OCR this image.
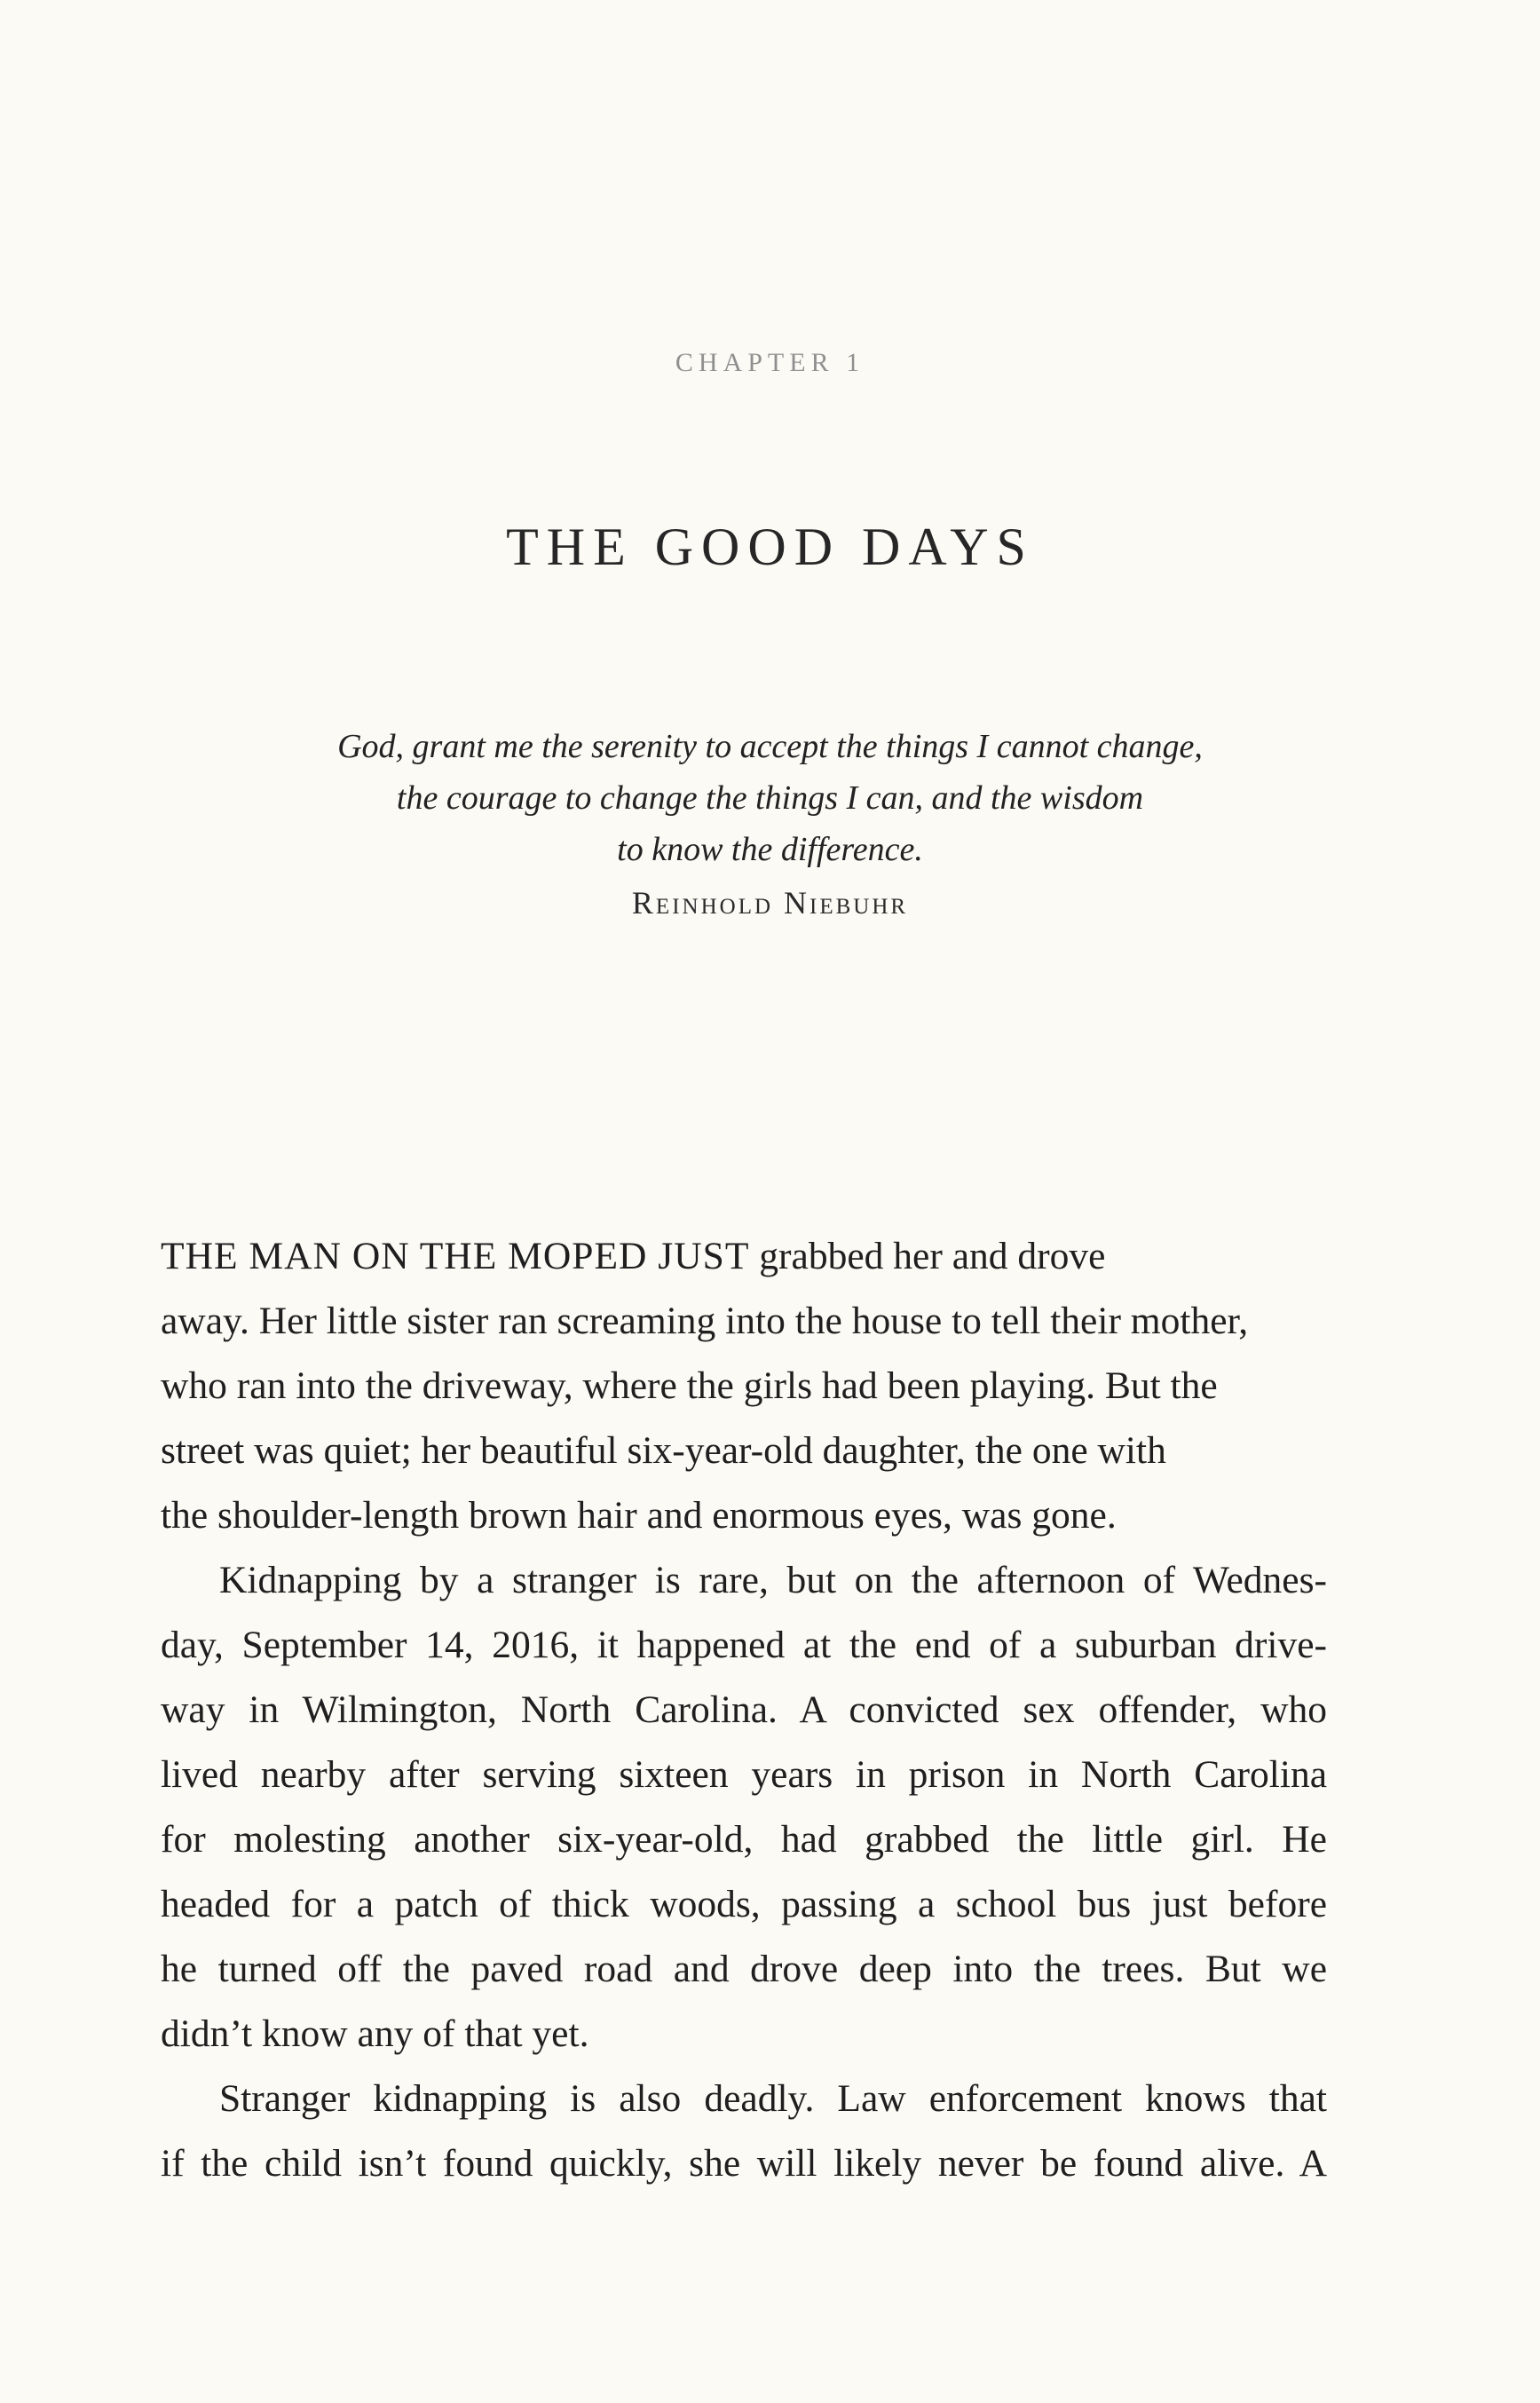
CHAPTER 1
THE GOOD DAYS
God, grant me the serenity to accept the things I cannot change,
the courage to change the things I can, and the wisdom
to know the difference.
Reinhold Niebuhr

THE MAN ON THE MOPED JUST grabbed her and drove
away. Her little sister ran screaming into the house to tell their mother,
who ran into the driveway, where the girls had been playing. But the
street was quiet; her beautiful six-year-old daughter, the one with
the shoulder-length brown hair and enormous eyes, was gone.

Kidnapping by a stranger is rare, but on the afternoon of Wednes-
day, September 14, 2016, it happened at the end of a suburban drive-
way in Wilmington, North Carolina. A convicted sex offender, who
lived nearby after serving sixteen years in prison in North Carolina
for molesting another six-year-old, had grabbed the little girl. He
headed for a patch of thick woods, passing a school bus just before
he turned off the paved road and drove deep into the trees. But we
didn’t know any of that yet.

Stranger kidnapping is also deadly. Law enforcement knows that
if the child isn’t found quickly, she will likely never be found alive. A
